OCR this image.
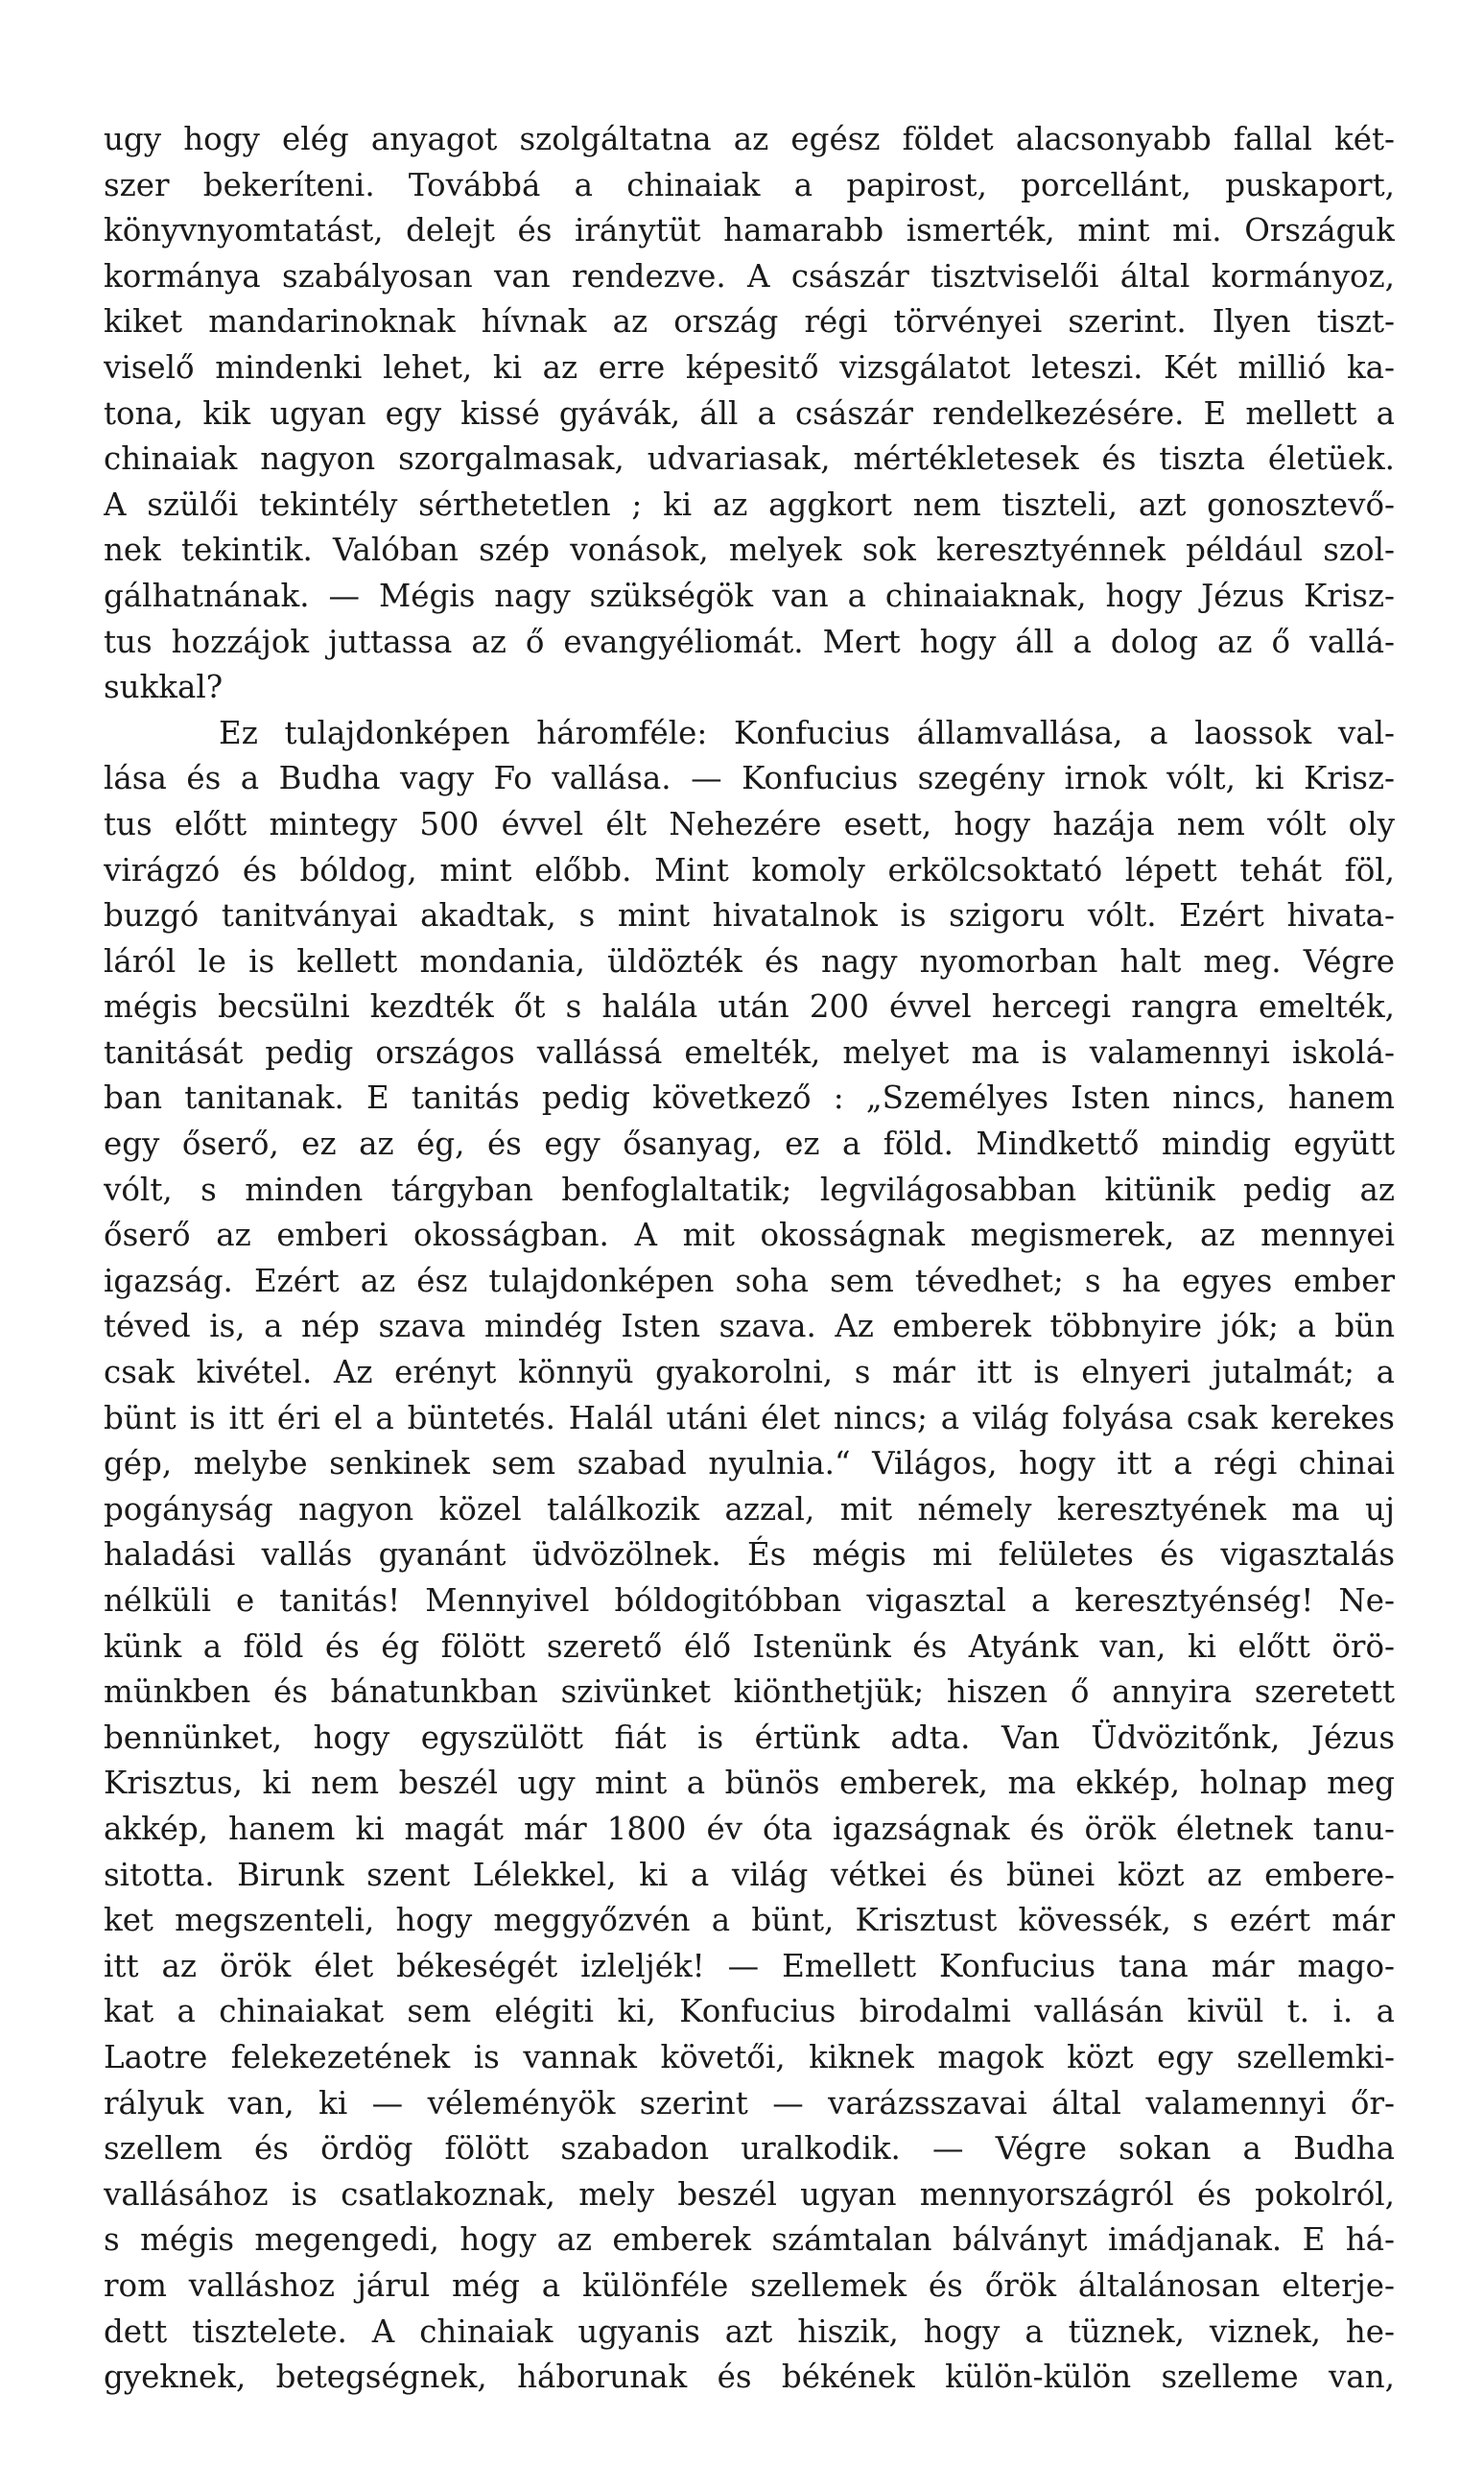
ugy hogy elég anyagot szolgáltatna az egész földet alacsonyabb fallal két-
szer bekeríteni. Továbbá a chinaiak a papirost, porcellánt, puskaport,
könyvnyomtatást, delejt és iránytüt hamarabb ismerték, mint mi. Országuk
kormánya szabályosan van rendezve. A császár tisztviselői által kormányoz,
kiket mandarinoknak hívnak az ország régi törvényei szerint. Ilyen tiszt-
viselő mindenki lehet, ki az erre képesitő vizsgálatot leteszi. Két millió ka-
tona, kik ugyan egy kissé gyávák, áll a császár rendelkezésére. E mellett a
chinaiak nagyon szorgalmasak, udvariasak, mértékletesek és tiszta életüek.
A szülői tekintély sérthetetlen ; ki az aggkort nem tiszteli, azt gonosztevő-
nek tekintik. Valóban szép vonások, melyek sok keresztyénnek például szol-
gálhatnának. — Mégis nagy szükségök van a chinaiaknak, hogy Jézus Krisz-
tus hozzájok juttassa az ő evangyéliomát. Mert hogy áll a dolog az ő vallá-
sukkal?
Ez tulajdonképen háromféle: Konfucius államvallása, a laossok val-
lása és a Budha vagy Fo vallása. — Konfucius szegény irnok vólt, ki Krisz-
tus előtt mintegy 500 évvel élt Nehezére esett, hogy hazája nem vólt oly
virágzó és bóldog, mint előbb. Mint komoly erkölcsoktató lépett tehát föl,
buzgó tanitványai akadtak, s mint hivatalnok is szigoru vólt. Ezért hivata-
láról le is kellett mondania, üldözték és nagy nyomorban halt meg. Végre
mégis becsülni kezdték őt s halála után 200 évvel hercegi rangra emelték,
tanitását pedig országos vallássá emelték, melyet ma is valamennyi iskolá-
ban tanitanak. E tanitás pedig következő : „Személyes Isten nincs, hanem
egy őserő, ez az ég, és egy ősanyag, ez a föld. Mindkettő mindig együtt
vólt, s minden tárgyban benfoglaltatik; legvilágosabban kitünik pedig az
őserő az emberi okosságban. A mit okosságnak megismerek, az mennyei
igazság. Ezért az ész tulajdonképen soha sem tévedhet; s ha egyes ember
téved is, a nép szava mindég Isten szava. Az emberek többnyire jók; a bün
csak kivétel. Az erényt könnyü gyakorolni, s már itt is elnyeri jutalmát; a
bünt is itt éri el a büntetés. Halál utáni élet nincs; a világ folyása csak kerekes
gép, melybe senkinek sem szabad nyulnia.“ Világos, hogy itt a régi chinai
pogányság nagyon közel találkozik azzal, mit némely keresztyének ma uj
haladási vallás gyanánt üdvözölnek. És mégis mi felületes és vigasztalás
nélküli e tanitás! Mennyivel bóldogitóbban vigasztal a keresztyénség! Ne-
künk a föld és ég fölött szerető élő Istenünk és Atyánk van, ki előtt örö-
münkben és bánatunkban szivünket kiönthetjük; hiszen ő annyira szeretett
bennünket, hogy egyszülött fiát is értünk adta. Van Üdvözitőnk, Jézus
Krisztus, ki nem beszél ugy mint a bünös emberek, ma ekkép, holnap meg
akkép, hanem ki magát már 1800 év óta igazságnak és örök életnek tanu-
sitotta. Birunk szent Lélekkel, ki a világ vétkei és bünei közt az embere-
ket megszenteli, hogy meggyőzvén a bünt, Krisztust kövessék, s ezért már
itt az örök élet békeségét izleljék! — Emellett Konfucius tana már mago-
kat a chinaiakat sem elégiti ki, Konfucius birodalmi vallásán kivül t. i. a
Laotre felekezetének is vannak követői, kiknek magok közt egy szellemki-
rályuk van, ki — véleményök szerint — varázsszavai által valamennyi őr-
szellem és ördög fölött szabadon uralkodik. — Végre sokan a Budha
vallásához is csatlakoznak, mely beszél ugyan mennyországról és pokolról,
s mégis megengedi, hogy az emberek számtalan bálványt imádjanak. E há-
rom valláshoz járul még a különféle szellemek és őrök általánosan elterje-
dett tisztelete. A chinaiak ugyanis azt hiszik, hogy a tüznek, viznek, he-
gyeknek, betegségnek, háborunak és békének külön-külön szelleme van,
